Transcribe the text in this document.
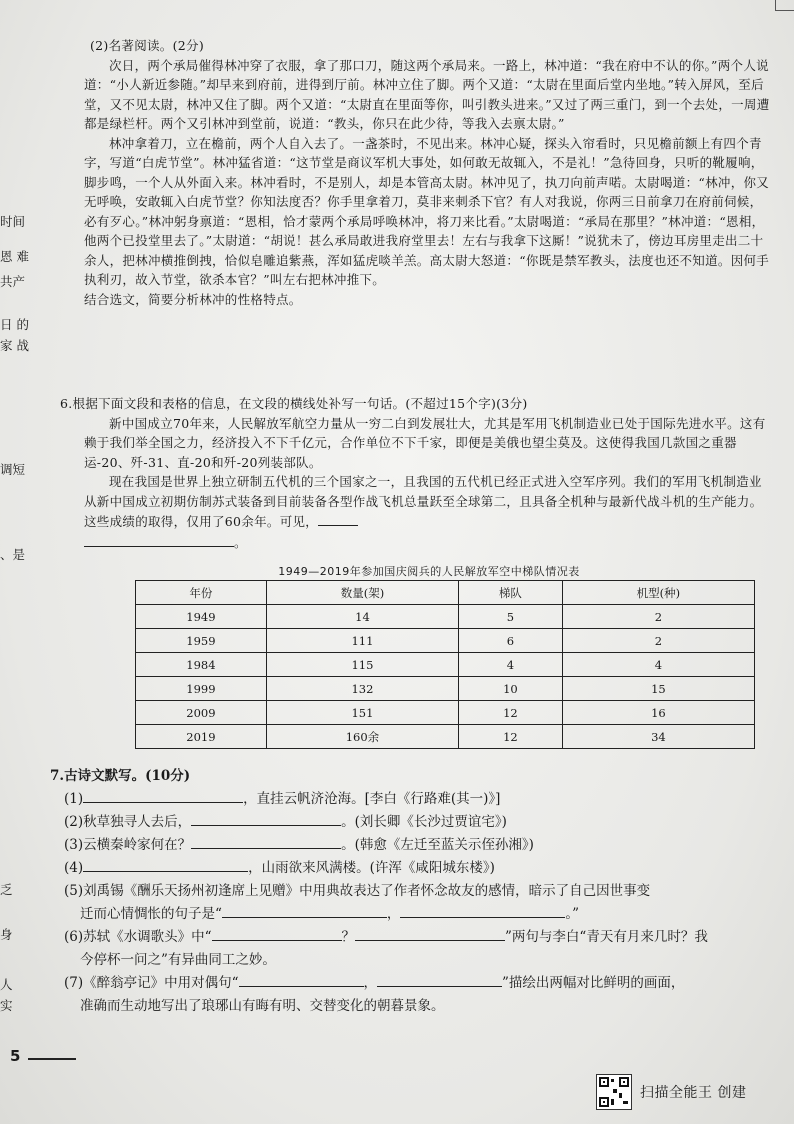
时间
恩 难
共产
日 的
家 战
调短
、是
乏
身
人
实

(2)名著阅读。(2分)

次日，两个承局催得林冲穿了衣服，拿了那口刀，随这两个承局来。一路上，林冲道：“我在府中不认的你。”两个人说道：“小人新近参随。”却早来到府前，进得到厅前。林冲立住了脚。两个又道：“太尉在里面后堂内坐地。”转入屏风，至后堂，又不见太尉，林冲又住了脚。两个又道：“太尉直在里面等你，叫引教头进来。”又过了两三重门，到一个去处，一周遭都是绿栏杆。两个又引林冲到堂前，说道：“教头，你只在此少待，等我入去禀太尉。”

林冲拿着刀，立在檐前，两个人自入去了。一盏茶时，不见出来。林冲心疑，探头入帘看时，只见檐前额上有四个青字，写道“白虎节堂”。林冲猛省道：“这节堂是商议军机大事处，如何敢无故辄入，不是礼！”急待回身，只听的靴履响，脚步鸣，一个人从外面入来。林冲看时，不是别人，却是本管高太尉。林冲见了，执刀向前声喏。太尉喝道：“林冲，你又无呼唤，安敢辄入白虎节堂？你知法度否？你手里拿着刀，莫非来刺杀下官？有人对我说，你两三日前拿刀在府前伺候，必有歹心。”林冲躬身禀道：“恩相，恰才蒙两个承局呼唤林冲，将刀来比看。”太尉喝道：“承局在那里？”林冲道：“恩相，他两个已投堂里去了。”太尉道：“胡说！甚么承局敢进我府堂里去！左右与我拿下这厮！”说犹未了，傍边耳房里走出二十余人，把林冲横推倒拽，恰似皂雕追紫燕，浑如猛虎啖羊羔。高太尉大怒道：“你既是禁军教头，法度也还不知道。因何手执利刃，故入节堂，欲杀本官？”叫左右把林冲推下。

结合选文，简要分析林冲的性格特点。

6.根据下面文段和表格的信息，在文段的横线处补写一句话。(不超过15个字)(3分)

新中国成立70年来，人民解放军航空力量从一穷二白到发展壮大，尤其是军用飞机制造业已处于国际先进水平。这有赖于我们举全国之力，经济投入不下千亿元，合作单位不下千家，即便是美俄也望尘莫及。这使得我国几款国之重器运-20、歼-31、直-20和歼-20列装部队。

现在我国是世界上独立研制五代机的三个国家之一，且我国的五代机已经正式进入空军序列。我们的军用飞机制造业从新中国成立初期仿制苏式装备到目前装备各型作战飞机总量跃至全球第二，且具备全机种与最新代战斗机的生产能力。这些成绩的取得，仅用了60余年。可见，

。

1949—2019年参加国庆阅兵的人民解放军空中梯队情况表
年份	数量(架)	梯队	机型(种)
1949	14	5	2
1959	111	6	2
1984	115	4	4
1999	132	10	15
2009	151	12	16
2019	160余	12	34

7.古诗文默写。(10分)

(1)	，直挂云帆济沧海。[李白《行路难(其一)》]

(2)秋草独寻人去后，	。(刘长卿《长沙过贾谊宅》)

(3)云横秦岭家何在？	。(韩愈《左迁至蓝关示侄孙湘》)

(4)	，山雨欲来风满楼。(许浑《咸阳城东楼》)

(5)刘禹锡《酬乐天扬州初逢席上见赠》中用典故表达了作者怀念故友的感情，暗示了自己因世事变

迁而心情惆怅的句子是“	，	。”

(6)苏轼《水调歌头》中“	？	”两句与李白“青天有月来几时？我

今停杯一问之”有异曲同工之妙。

(7)《醉翁亭记》中用对偶句“	，	”描绘出两幅对比鲜明的画面，

准确而生动地写出了琅琊山有晦有明、交替变化的朝暮景象。

5
扫描全能王 创建
